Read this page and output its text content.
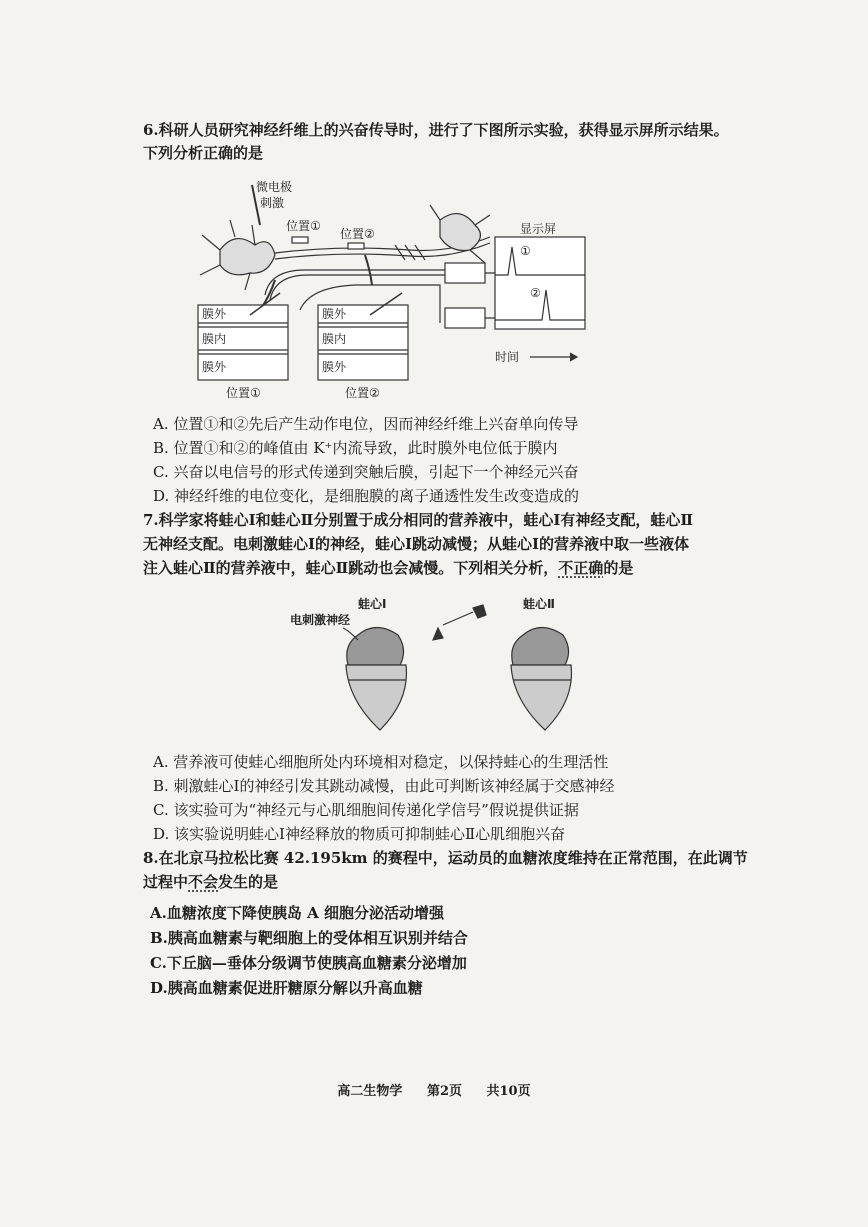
6.科研人员研究神经纤维上的兴奋传导时，进行了下图所示实验，获得显示屏所示结果。
下列分析正确的是
微电极
刺激
位置①
位置②	显示屏
①
②
时间
膜外
膜内
膜外
膜外
膜内
膜外
位置①	位置②
A. 位置①和②先后产生动作电位，因而神经纤维上兴奋单向传导
B. 位置①和②的峰值由 K⁺内流导致，此时膜外电位低于膜内
C. 兴奋以电信号的形式传递到突触后膜，引起下一个神经元兴奋
D. 神经纤维的电位变化，是细胞膜的离子通透性发生改变造成的
7.科学家将蛙心Ⅰ和蛙心Ⅱ分别置于成分相同的营养液中，蛙心Ⅰ有神经支配，蛙心Ⅱ
无神经支配。电刺激蛙心Ⅰ的神经，蛙心Ⅰ跳动减慢；从蛙心Ⅰ的营养液中取一些液体
注入蛙心Ⅱ的营养液中，蛙心Ⅱ跳动也会减慢。下列相关分析，不正确的是
蛙心Ⅰ	蛙心Ⅱ
电刺激神经
A. 营养液可使蛙心细胞所处内环境相对稳定，以保持蛙心的生理活性
B. 刺激蛙心Ⅰ的神经引发其跳动减慢，由此可判断该神经属于交感神经
C. 该实验可为“神经元与心肌细胞间传递化学信号”假说提供证据
D. 该实验说明蛙心Ⅰ神经释放的物质可抑制蛙心Ⅱ心肌细胞兴奋
8.在北京马拉松比赛 42.195km 的赛程中，运动员的血糖浓度维持在正常范围，在此调节
过程中不会发生的是
A.血糖浓度下降使胰岛 A 细胞分泌活动增强
B.胰高血糖素与靶细胞上的受体相互识别并结合
C.下丘脑—垂体分级调节使胰高血糖素分泌增加
D.胰高血糖素促进肝糖原分解以升高血糖
高二生物学 第2页 共10页
